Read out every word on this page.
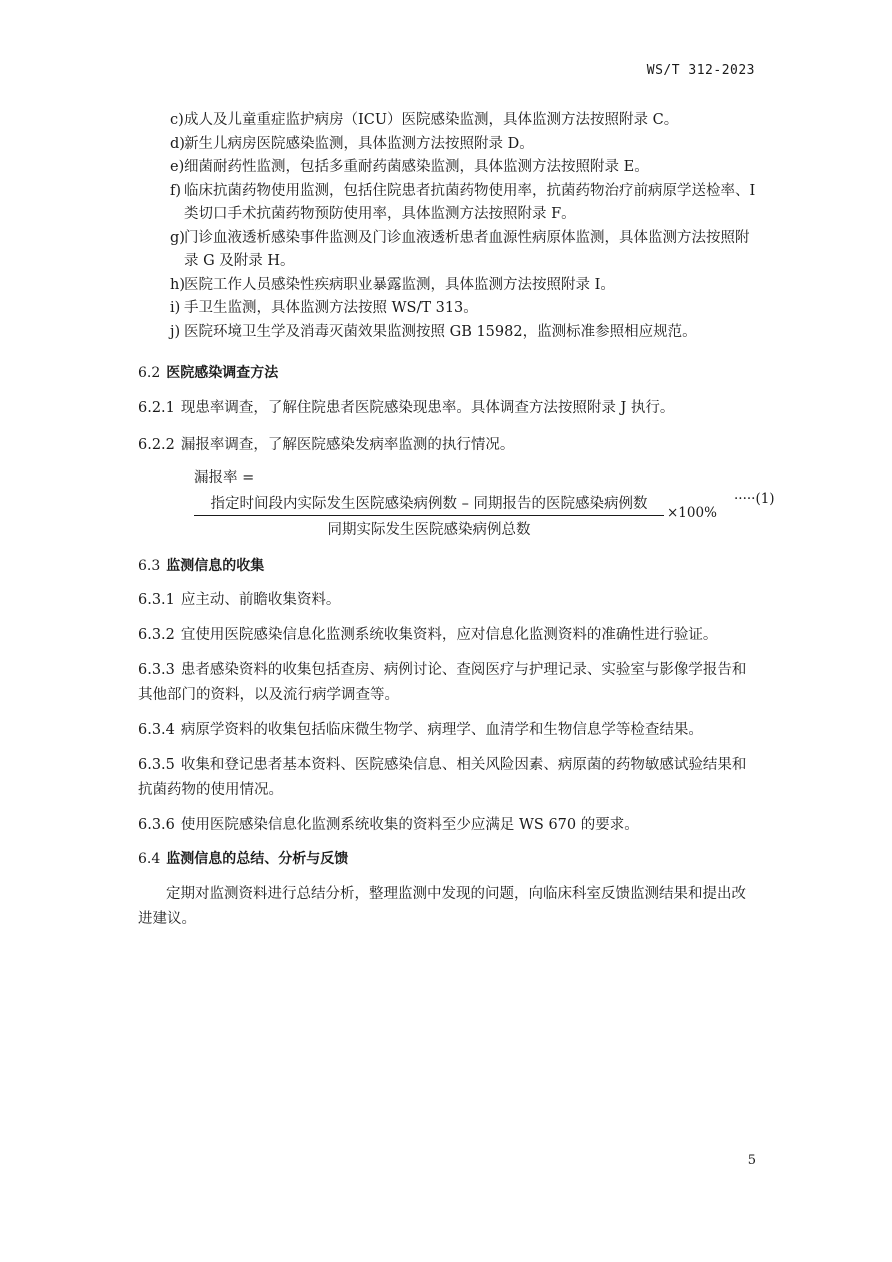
WS/T 312-2023
c) 成人及儿童重症监护病房（ICU）医院感染监测，具体监测方法按照附录 C。
d) 新生儿病房医院感染监测，具体监测方法按照附录 D。
e) 细菌耐药性监测，包括多重耐药菌感染监测，具体监测方法按照附录 E。
f) 临床抗菌药物使用监测，包括住院患者抗菌药物使用率，抗菌药物治疗前病原学送检率、I 类切口手术抗菌药物预防使用率，具体监测方法按照附录 F。
g) 门诊血液透析感染事件监测及门诊血液透析患者血源性病原体监测，具体监测方法按照附录 G 及附录 H。
h) 医院工作人员感染性疾病职业暴露监测，具体监测方法按照附录 I。
i) 手卫生监测，具体监测方法按照 WS/T 313。
j) 医院环境卫生学及消毒灭菌效果监测按照 GB 15982，监测标准参照相应规范。
6.2 医院感染调查方法

6.2.1 现患率调查，了解住院患者医院感染现患率。具体调查方法按照附录 J 执行。

6.2.2 漏报率调查，了解医院感染发病率监测的执行情况。

漏报率 =
指定时间段内实际发生医院感染病例数 – 同期报告的医院感染病例数
同期实际发生医院感染病例总数
×100%
·····(1)
6.3 监测信息的收集

6.3.1 应主动、前瞻收集资料。

6.3.2 宜使用医院感染信息化监测系统收集资料，应对信息化监测资料的准确性进行验证。

6.3.3 患者感染资料的收集包括查房、病例讨论、查阅医疗与护理记录、实验室与影像学报告和其他部门的资料，以及流行病学调查等。

6.3.4 病原学资料的收集包括临床微生物学、病理学、血清学和生物信息学等检查结果。

6.3.5 收集和登记患者基本资料、医院感染信息、相关风险因素、病原菌的药物敏感试验结果和抗菌药物的使用情况。

6.3.6 使用医院感染信息化监测系统收集的资料至少应满足 WS 670 的要求。

6.4 监测信息的总结、分析与反馈

定期对监测资料进行总结分析，整理监测中发现的问题，向临床科室反馈监测结果和提出改进建议。

5
